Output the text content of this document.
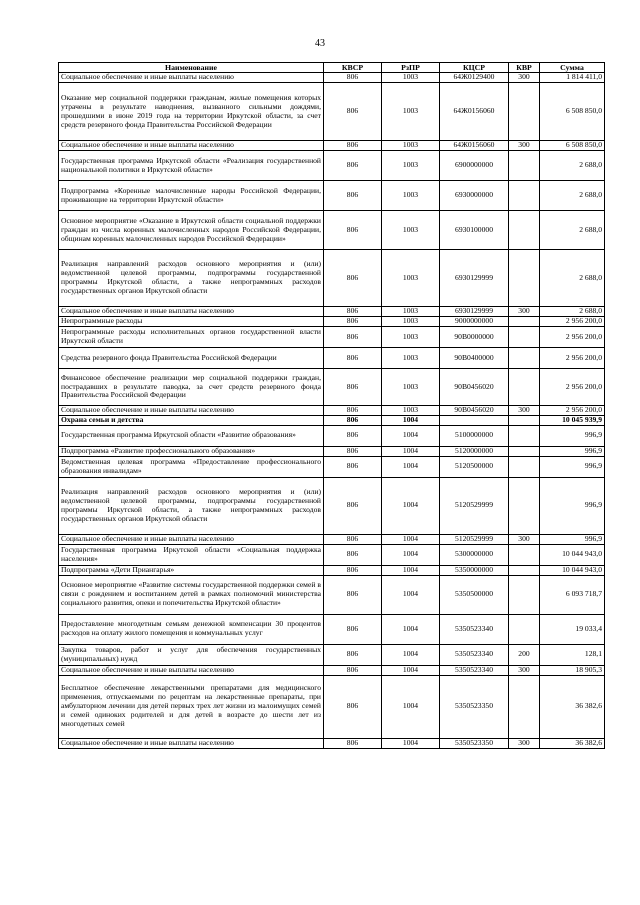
43
Наименование	КВСР	РзПР	КЦСР	КВР	Сумма
Социальное обеспечение и иные выплаты населению	806	1003	64Ж0129400	300	1 814 411,0
Оказание мер социальной поддержки гражданам, жилые помещения которых утрачены в результате наводнения, вызванного сильными дождями, прошедшими в июне 2019 года на территории Иркутской области, за счет средств резервного фонда Правительства Российской Федерации	806	1003	64Ж0156060		6 508 850,0
Социальное обеспечение и иные выплаты населению	806	1003	64Ж0156060	300	6 508 850,0
Государственная программа Иркутской области «Реализация государственной национальной политики в Иркутской области»	806	1003	6900000000		2 688,0
Подпрограмма «Коренные малочисленные народы Российской Федерации, проживающие на территории Иркутской области»	806	1003	6930000000		2 688,0
Основное мероприятие «Оказание в Иркутской области социальной поддержки граждан из числа коренных малочисленных народов Российской Федерации, общинам коренных малочисленных народов Российской Федерации»	806	1003	6930100000		2 688,0
Реализация направлений расходов основного мероприятия и (или) ведомственной целевой программы, подпрограммы государственной программы Иркутской области, а также непрограммных расходов государственных органов Иркутской области	806	1003	6930129999		2 688,0
Социальное обеспечение и иные выплаты населению	806	1003	6930129999	300	2 688,0
Непрограммные расходы	806	1003	9000000000		2 956 200,0
Непрограммные расходы исполнительных органов государственной власти Иркутской области	806	1003	90В0000000		2 956 200,0
Средства резервного фонда Правительства Российской Федерации	806	1003	90В0400000		2 956 200,0
Финансовое обеспечение реализации мер социальной поддержки граждан, пострадавших в результате паводка, за счет средств резервного фонда Правительства Российской Федерации	806	1003	90В0456020		2 956 200,0
Социальное обеспечение и иные выплаты населению	806	1003	90В0456020	300	2 956 200,0
Охрана семьи и детства	806	1004			10 045 939,9
Государственная программа Иркутской области «Развитие образования»	806	1004	5100000000		996,9
Подпрограмма «Развитие профессионального образования»	806	1004	5120000000		996,9
Ведомственная целевая программа «Предоставление профессионального образования инвалидам»	806	1004	5120500000		996,9
Реализация направлений расходов основного мероприятия и (или) ведомственной целевой программы, подпрограммы государственной программы Иркутской области, а также непрограммных расходов государственных органов Иркутской области	806	1004	5120529999		996,9
Социальное обеспечение и иные выплаты населению	806	1004	5120529999	300	996,9
Государственная программа Иркутской области «Социальная поддержка населения»	806	1004	5300000000		10 044 943,0
Подпрограмма «Дети Приангарья»	806	1004	5350000000		10 044 943,0
Основное мероприятие «Развитие системы государственной поддержки семей в связи с рождением и воспитанием детей в рамках полномочий министерства социального развития, опеки и попечительства Иркутской области»	806	1004	5350500000		6 093 718,7
Предоставление многодетным семьям денежной компенсации 30 процентов расходов на оплату жилого помещения и коммунальных услуг	806	1004	5350523340		19 033,4
Закупка товаров, работ и услуг для обеспечения государственных (муниципальных) нужд	806	1004	5350523340	200	128,1
Социальное обеспечение и иные выплаты населению	806	1004	5350523340	300	18 905,3
Бесплатное обеспечение лекарственными препаратами для медицинского применения, отпускаемыми по рецептам на лекарственные препараты, при амбулаторном лечении для детей первых трех лет жизни из малоимущих семей и семей одиноких родителей и для детей в возрасте до шести лет из многодетных семей	806	1004	5350523350		36 382,6
Социальное обеспечение и иные выплаты населению	806	1004	5350523350	300	36 382,6
